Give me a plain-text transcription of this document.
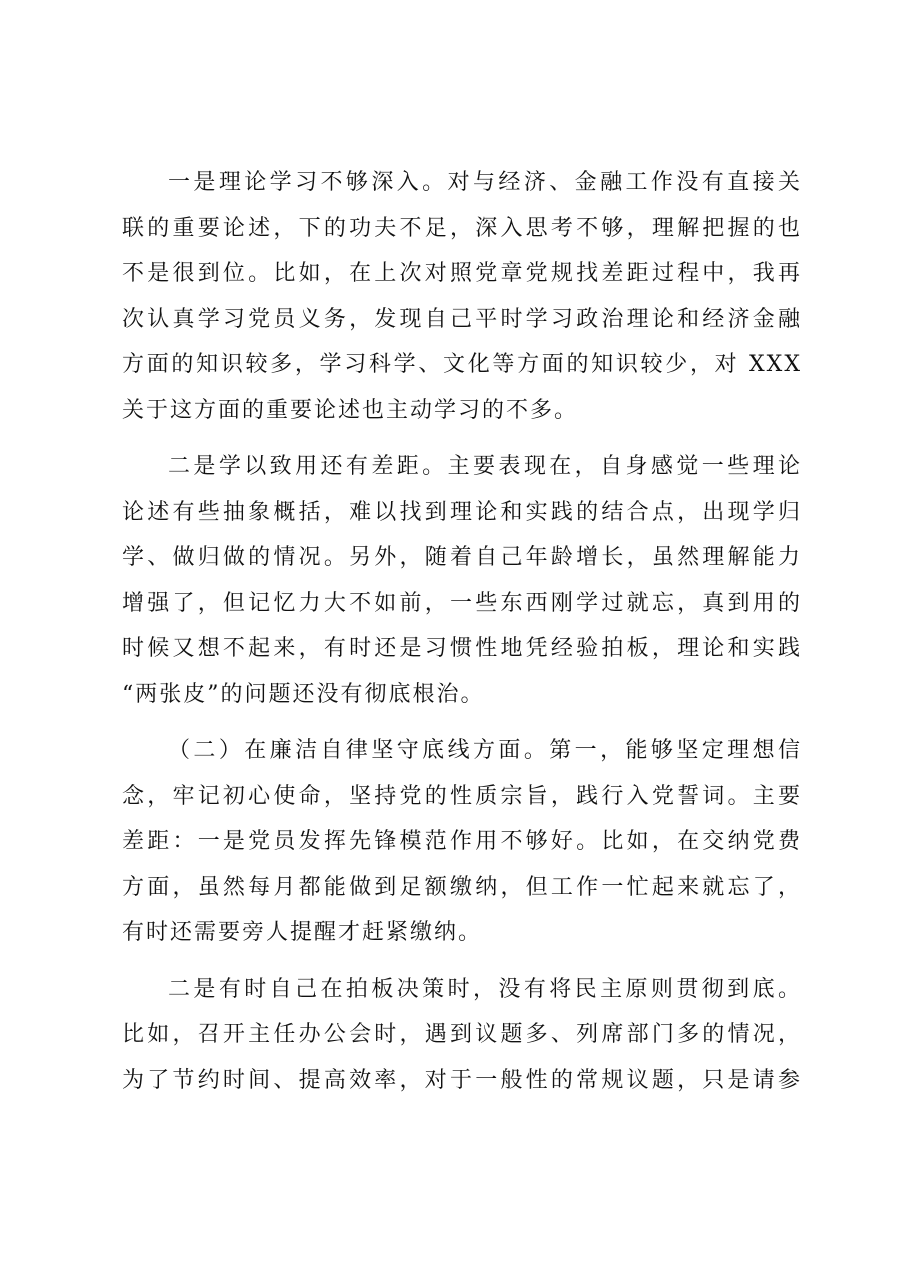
一是理论学习不够深入。对与经济、金融工作没有直接关
联的重要论述，下的功夫不足，深入思考不够，理解把握的也
不是很到位。比如，在上次对照党章党规找差距过程中，我再
次认真学习党员义务，发现自己平时学习政治理论和经济金融
方面的知识较多，学习科学、文化等方面的知识较少，对 XXX
关于这方面的重要论述也主动学习的不多。
二是学以致用还有差距。主要表现在，自身感觉一些理论
论述有些抽象概括，难以找到理论和实践的结合点，出现学归
学、做归做的情况。另外，随着自己年龄增长，虽然理解能力
增强了，但记忆力大不如前，一些东西刚学过就忘，真到用的
时候又想不起来，有时还是习惯性地凭经验拍板，理论和实践
“两张皮”的问题还没有彻底根治。
（二）在廉洁自律坚守底线方面。第一，能够坚定理想信
念，牢记初心使命，坚持党的性质宗旨，践行入党誓词。主要
差距：一是党员发挥先锋模范作用不够好。比如，在交纳党费
方面，虽然每月都能做到足额缴纳，但工作一忙起来就忘了，
有时还需要旁人提醒才赶紧缴纳。
二是有时自己在拍板决策时，没有将民主原则贯彻到底。
比如，召开主任办公会时，遇到议题多、列席部门多的情况，
为了节约时间、提高效率，对于一般性的常规议题，只是请参
